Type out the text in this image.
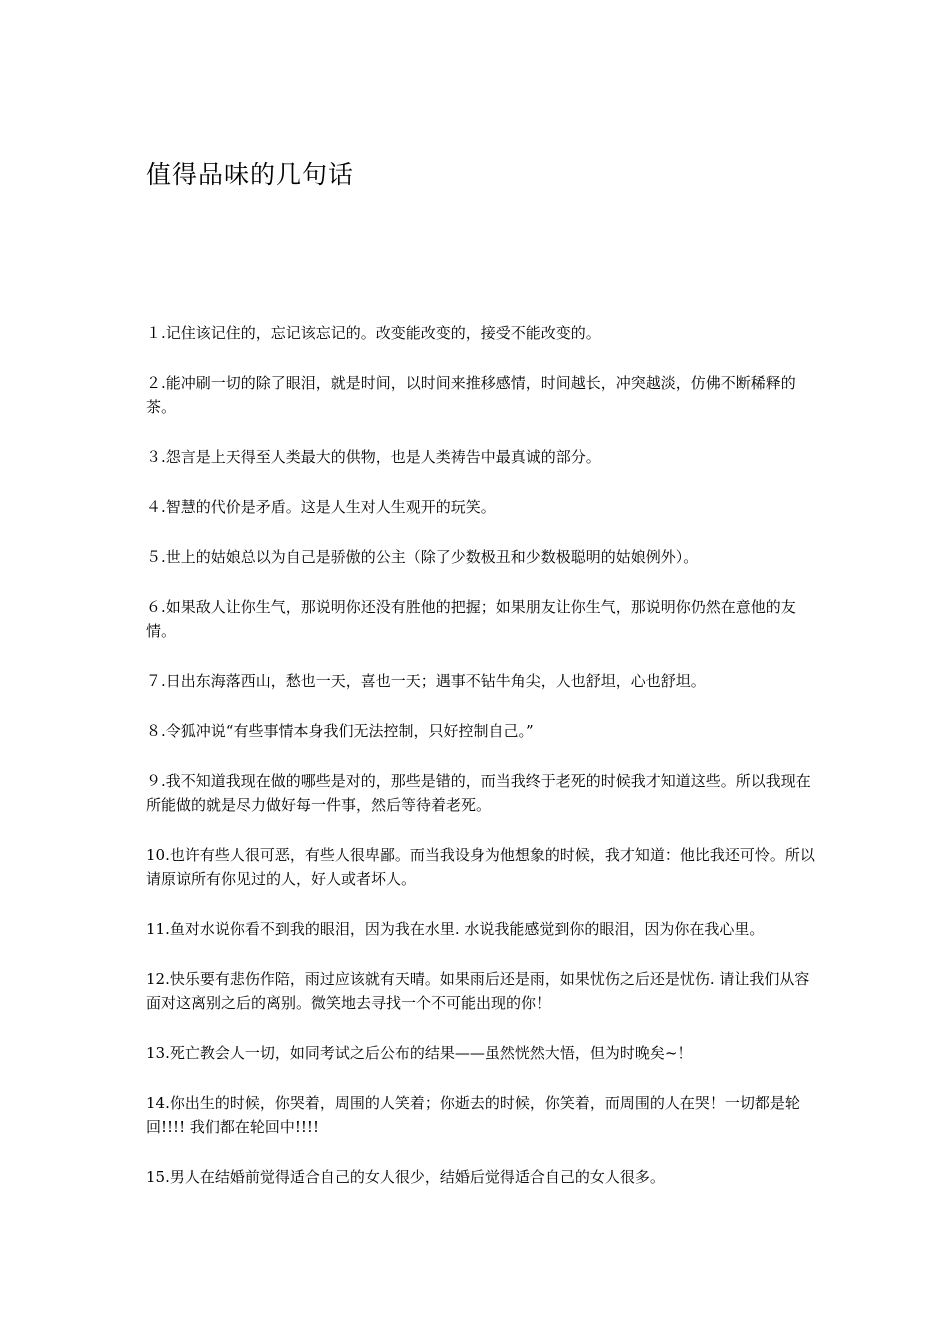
值得品味的几句话
１.记住该记住的，忘记该忘记的。改变能改变的，接受不能改变的。
２.能冲刷一切的除了眼泪，就是时间，以时间来推移感情，时间越长，冲突越淡，仿佛不断稀释的茶。
３.怨言是上天得至人类最大的供物，也是人类祷告中最真诚的部分。
４.智慧的代价是矛盾。这是人生对人生观开的玩笑。
５.世上的姑娘总以为自己是骄傲的公主（除了少数极丑和少数极聪明的姑娘例外）。
６.如果敌人让你生气，那说明你还没有胜他的把握；如果朋友让你生气，那说明你仍然在意他的友情。
７.日出东海落西山，愁也一天，喜也一天；遇事不钻牛角尖，人也舒坦，心也舒坦。
８.令狐冲说“有些事情本身我们无法控制，只好控制自己。”
９.我不知道我现在做的哪些是对的，那些是错的，而当我终于老死的时候我才知道这些。所以我现在所能做的就是尽力做好每一件事，然后等待着老死。
10.也许有些人很可恶，有些人很卑鄙。而当我设身为他想象的时候，我才知道：他比我还可怜。所以请原谅所有你见过的人，好人或者坏人。
11.鱼对水说你看不到我的眼泪，因为我在水里. 水说我能感觉到你的眼泪，因为你在我心里。
12.快乐要有悲伤作陪，雨过应该就有天晴。如果雨后还是雨，如果忧伤之后还是忧伤. 请让我们从容面对这离别之后的离别。微笑地去寻找一个不可能出现的你！
13.死亡教会人一切，如同考试之后公布的结果——虽然恍然大悟，但为时晚矣~！
14.你出生的时候，你哭着，周围的人笑着；你逝去的时候，你笑着，而周围的人在哭！一切都是轮回!!!! 我们都在轮回中!!!!
15.男人在结婚前觉得适合自己的女人很少，结婚后觉得适合自己的女人很多。
